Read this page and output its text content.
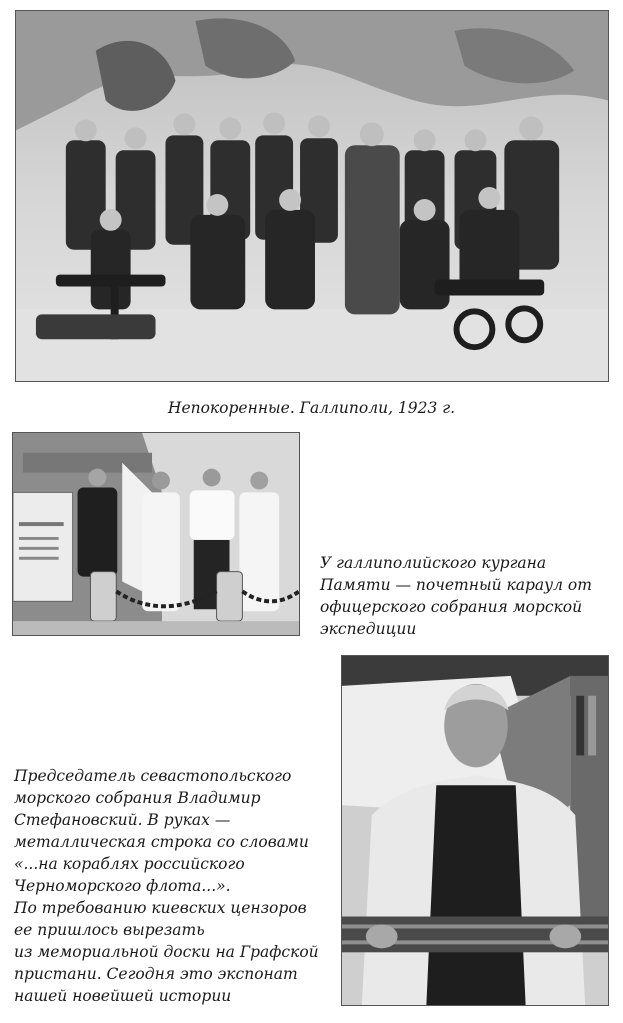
Непокоренные. Галлиполи, 1923 г.

У галлиполийского кургана
Памяти — почетный караул от
офицерского собрания морской
экспедиции
Председатель севастопольского
морского собрания Владимир
Стефановский. В руках —
металлическая строка со словами
«...на кораблях российского
Черноморского флота...».
По требованию киевских цензоров
ее пришлось вырезать
из мемориальной доски на Графской
пристани. Сегодня это экспонат
нашей новейшей истории
